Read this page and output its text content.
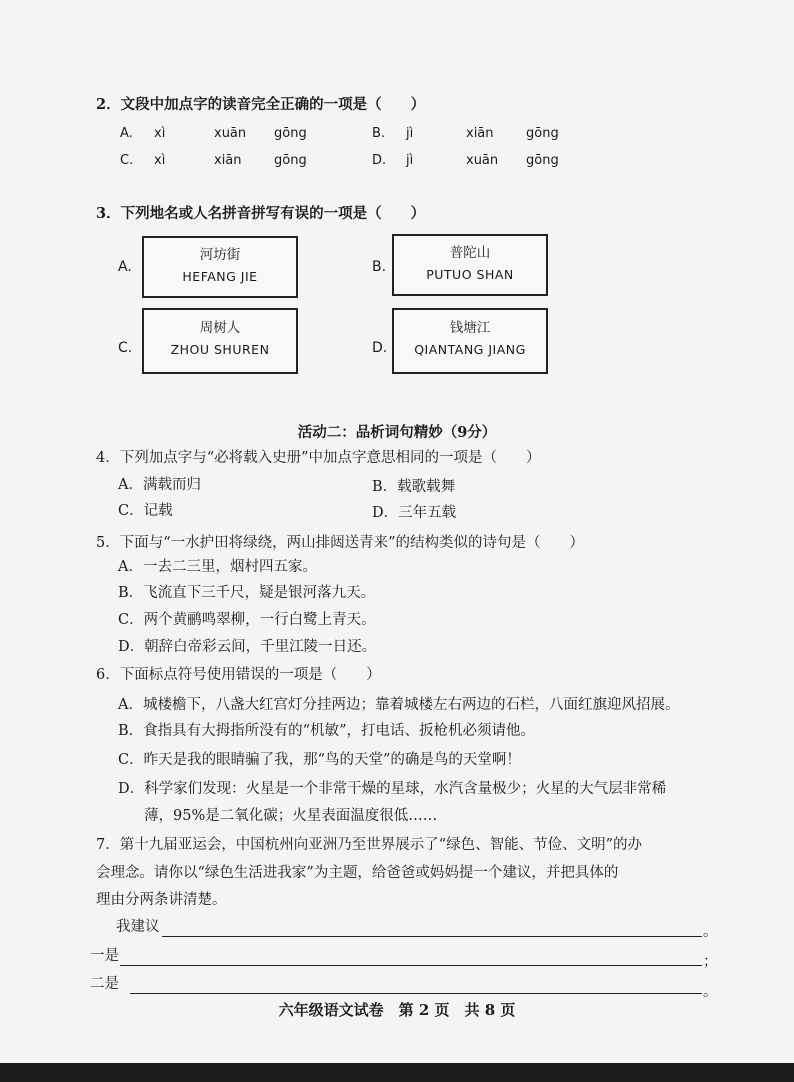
2．文段中加点字的读音完全正确的一项是（　　）
A. xì	xuān gōng	B. jì	xiān gōng
C. xì	xiān gōng	D. jì	xuān gōng
3．下列地名或人名拼音拼写有误的一项是（　　）
A.
河坊街
HEFANG JIE
B.
普陀山
PUTUO SHAN
C.
周树人
ZHOU SHUREN	D.
钱塘江
QIANTANG JIANG
活动二：品析词句精妙（9分）
4．下列加点字与“必将载入史册”中加点字意思相同的一项是（　　）
A．满载而归	B．载歌载舞
C．记载	D．三年五载
5．下面与“一水护田将绿绕，两山排闼送青来”的结构类似的诗句是（　　）
A．一去二三里，烟村四五家。
B．飞流直下三千尺，疑是银河落九天。
C．两个黄鹂鸣翠柳，一行白鹭上青天。
D．朝辞白帝彩云间，千里江陵一日还。
6．下面标点符号使用错误的一项是（　　）
A．城楼檐下，八盏大红宫灯分挂两边；靠着城楼左右两边的石栏，八面红旗迎风招展。
B．食指具有大拇指所没有的“机敏”，打电话、扳枪机必须请他。
C．昨天是我的眼睛骗了我，那“鸟的天堂”的确是鸟的天堂啊！
D．科学家们发现：火星是一个非常干燥的星球，水汽含量极少；火星的大气层非常稀
薄，95%是二氧化碳；火星表面温度很低……
7．第十九届亚运会，中国杭州向亚洲乃至世界展示了“绿色、智能、节俭、文明”的办
会理念。请你以“绿色生活进我家”为主题，给爸爸或妈妈提一个建议，并把具体的
理由分两条讲清楚。
我建议	。
一是	；
二是	。
六年级语文试卷　第 2 页　共 8 页
